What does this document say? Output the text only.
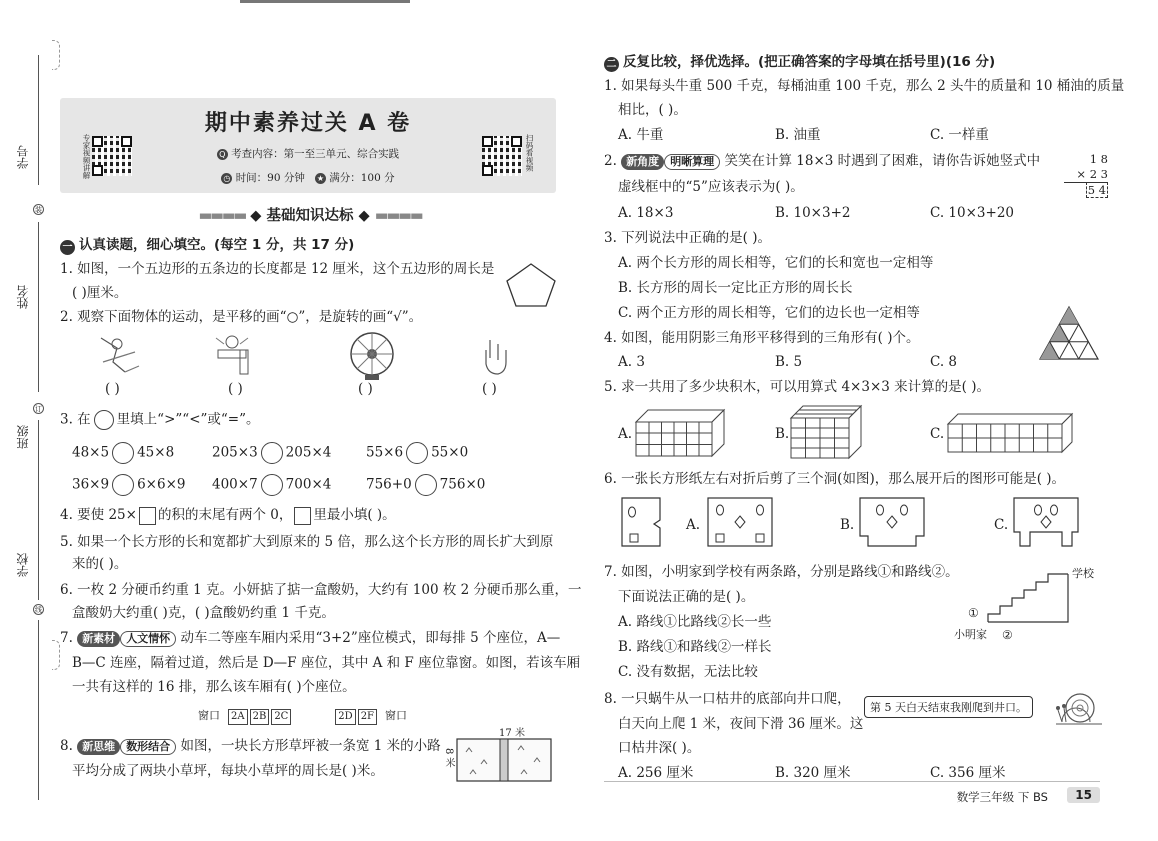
学号
装
姓名
订
班级
学校
线
专家视频讲解
期中素养过关 A 卷
Q 考查内容：第一至三单元、综合实践
◷ 时间：90 分钟 ★ 满分：100 分
扫码看视频
▬▬▬▬ ◆ 基础知识达标 ◆ ▬▬▬▬
一 认真读题，细心填空。(每空 1 分，共 17 分)
1. 如图，一个五边形的五条边的长度都是 12 厘米，这个五边形的周长是
( )厘米。
2. 观察下面物体的运动，是平移的画“○”，是旋转的画“√”。
( )	( )	( )	( )
3. 在 里填上“>”“<”或“=”。
48×5 45×8	205×3 205×4	55×6 55×0
36×9 6×6×9 400×7 700×4	756+0 756×0
4. 要使 25× 的积的末尾有两个 0， 里最小填( )。
5. 如果一个长方形的长和宽都扩大到原来的 5 倍，那么这个长方形的周长扩大到原
来的( )。
6. 一枚 2 分硬币约重 1 克。小妍掂了掂一盒酸奶，大约有 100 枚 2 分硬币那么重，一
盒酸奶大约重( )克，( )盒酸奶约重 1 千克。
7. 新素材 人文情怀 动车二等座车厢内采用“3+2”座位模式，即每排 5 个座位，A—
B—C 连座，隔着过道，然后是 D—F 座位，其中 A 和 F 座位靠窗。如图，若该车厢
一共有这样的 16 排，那么该车厢有( )个座位。
窗口 2A 2B 2C	2D 2F 窗口
8. 新思维 数形结合 如图，一块长方形草坪被一条宽 1 米的小路
平均分成了两块小草坪，每块小草坪的周长是( )米。
17 米
8 米
二 反复比较，择优选择。(把正确答案的字母填在括号里)(16 分)
1. 如果每头牛重 500 千克，每桶油重 100 千克，那么 2 头牛的质量和 10 桶油的质量
相比，( )。
A. 牛重	B. 油重	C. 一样重
2. 新角度 明晰算理 笑笑在计算 18×3 时遇到了困难，请你告诉她竖式中
虚线框中的“5”应该表示为( )。
1 8
× 2 3
5 4
A. 18×3	B. 10×3+2	C. 10×3+20
3. 下列说法中正确的是( )。
A. 两个长方形的周长相等，它们的长和宽也一定相等
B. 长方形的周长一定比正方形的周长长
C. 两个正方形的周长相等，它们的边长也一定相等
4. 如图，能用阴影三角形平移得到的三角形有( )个。
A. 3	B. 5	C. 8
5. 求一共用了多少块积木，可以用算式 4×3×3 来计算的是( )。
A.	B.	C.
6. 一张长方形纸左右对折后剪了三个洞(如图)，那么展开后的图形可能是( )。
A.	B.	C.
7. 如图，小明家到学校有两条路，分别是路线①和路线②。
下面说法正确的是( )。
A. 路线①比路线②长一些
B. 路线①和路线②一样长
C. 没有数据，无法比较
学校
小明家
①
②
8. 一只蜗牛从一口枯井的底部向井口爬，
白天向上爬 1 米，夜间下滑 36 厘米。这
口枯井深( )。
第 5 天白天结束我刚爬到井口。
A. 256 厘米	B. 320 厘米	C. 356 厘米
数学三年级 下 BS	15
